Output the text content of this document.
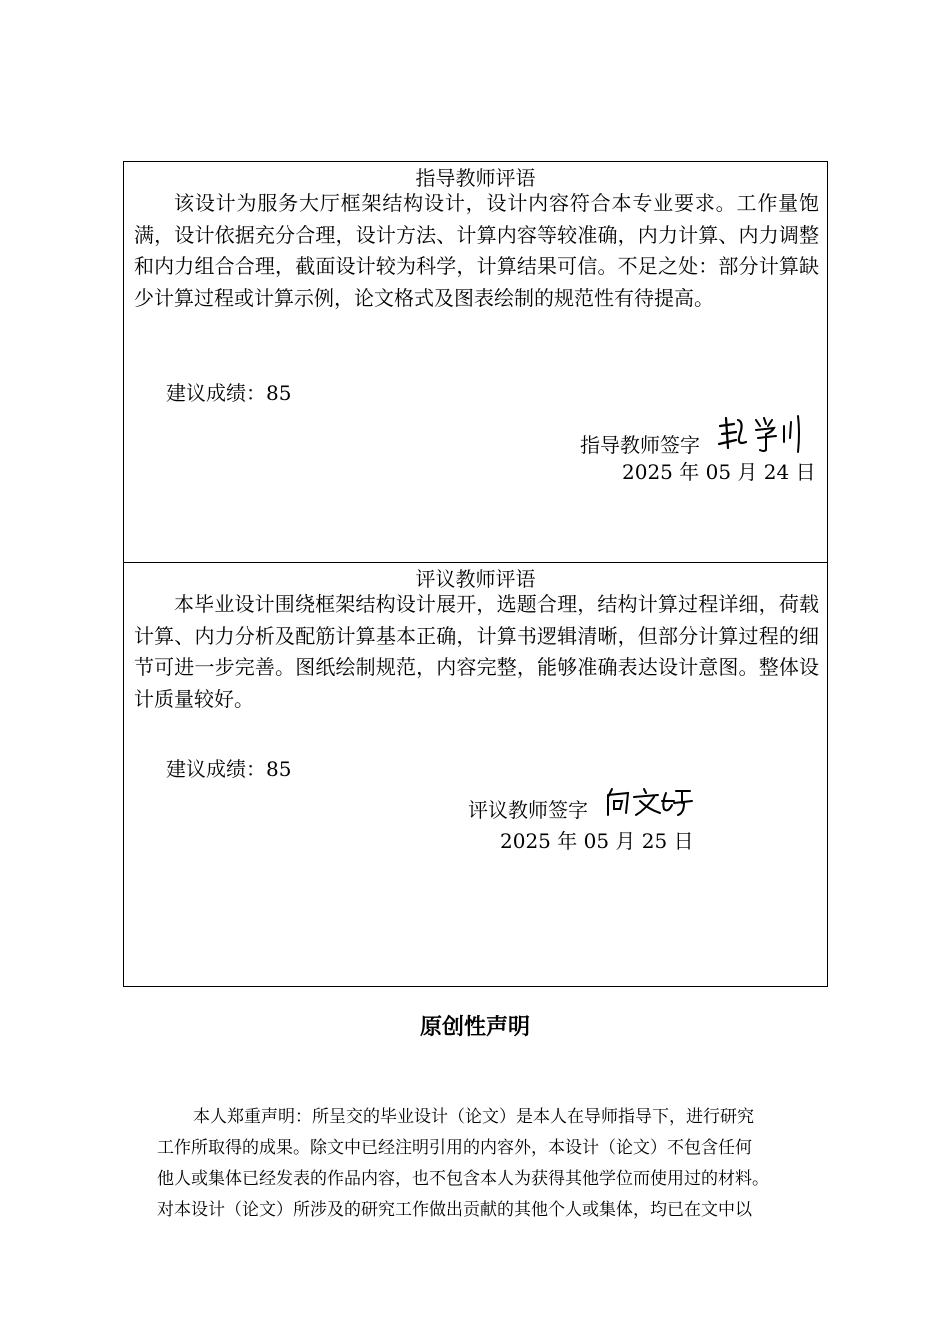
指导教师评语
该设计为服务大厅框架结构设计，设计内容符合本专业要求。工作量饱满，设计依据充分合理，设计方法、计算内容等较准确，内力计算、内力调整和内力组合合理，截面设计较为科学，计算结果可信。不足之处：部分计算缺少计算过程或计算示例，论文格式及图表绘制的规范性有待提高。
建议成绩：85
指导教师签字
2025 年 05 月 24 日
评议教师评语
本毕业设计围绕框架结构设计展开，选题合理，结构计算过程详细，荷载计算、内力分析及配筋计算基本正确，计算书逻辑清晰，但部分计算过程的细节可进一步完善。图纸绘制规范，内容完整，能够准确表达设计意图。整体设计质量较好。
建议成绩：85
评议教师签字
2025 年 05 月 25 日
原创性声明
本人郑重声明：所呈交的毕业设计（论文）是本人在导师指导下，进行研究
工作所取得的成果。除文中已经注明引用的内容外，本设计（论文）不包含任何
他人或集体已经发表的作品内容，也不包含本人为获得其他学位而使用过的材料。
对本设计（论文）所涉及的研究工作做出贡献的其他个人或集体，均已在文中以
